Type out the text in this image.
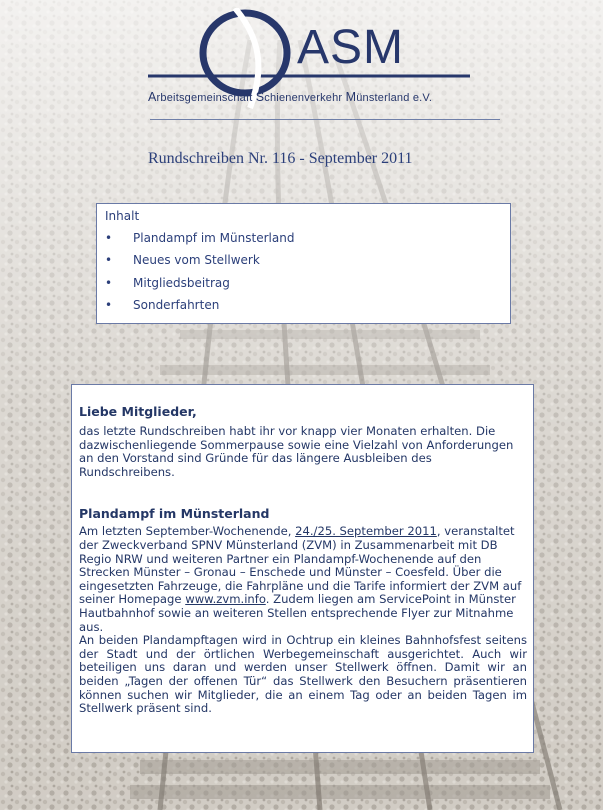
ASM
Arbeitsgemeinschaft Schienenverkehr Münsterland e.V.
Rundschreiben Nr. 116 - September 2011
Inhalt
•	Plandampf im Münsterland
•	Neues vom Stellwerk
•	Mitgliedsbeitrag
•	Sonderfahrten
Liebe Mitglieder,

das letzte Rundschreiben habt ihr vor knapp vier Monaten erhalten. Die dazwischenliegende Sommerpause sowie eine Vielzahl von Anforderungen an den Vorstand sind Gründe für das längere Ausbleiben des Rundschreibens.

Plandampf im Münsterland

Am letzten September-Wochenende, 24./25. September 2011, veranstaltet der Zweckverband SPNV Münsterland (ZVM) in Zusammenarbeit mit DB Regio NRW und weiteren Partner ein Plandampf-Wochenende auf den Strecken Münster – Gronau – Enschede und Münster – Coesfeld. Über die eingesetzten Fahrzeuge, die Fahrpläne und die Tarife informiert der ZVM auf seiner Homepage www.zvm.info. Zudem liegen am ServicePoint in Münster Hautbahnhof sowie an weiteren Stellen entsprechende Flyer zur Mitnahme aus.

An beiden Plandampftagen wird in Ochtrup ein kleines Bahnhofsfest seitens der Stadt und der örtlichen Werbegemeinschaft ausgerichtet. Auch wir beteiligen uns daran und werden unser Stellwerk öffnen. Damit wir an beiden „Tagen der offenen Tür“ das Stellwerk den Besuchern präsentieren können suchen wir Mitglieder, die an einem Tag oder an beiden Tagen im Stellwerk präsent sind.
